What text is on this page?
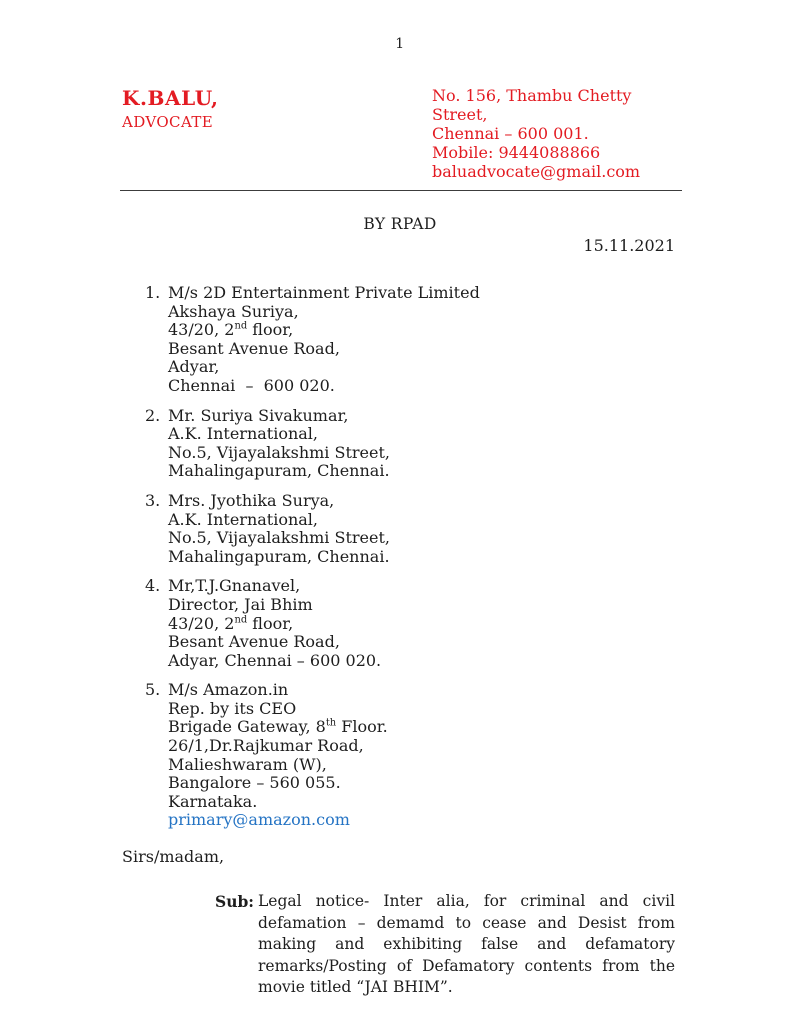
1
K.BALU,
ADVOCATE
No. 156, Thambu Chetty Street,
Chennai – 600 001.
Mobile: 9444088866
baluadvocate@gmail.com
BY RPAD
15.11.2021
1. M/s 2D Entertainment Private Limited
Akshaya Suriya,
43/20, 2nd floor,
Besant Avenue Road,
Adyar,
Chennai  –  600 020.
2. Mr. Suriya Sivakumar,
A.K. International,
No.5, Vijayalakshmi Street,
Mahalingapuram, Chennai.
3. Mrs. Jyothika Surya,
A.K. International,
No.5, Vijayalakshmi Street,
Mahalingapuram, Chennai.
4. Mr,T.J.Gnanavel,
Director, Jai Bhim
43/20, 2nd floor,
Besant Avenue Road,
Adyar, Chennai – 600 020.
5. M/s Amazon.in
Rep. by its CEO
Brigade Gateway, 8th Floor.
26/1,Dr.Rajkumar Road,
Malieshwaram (W),
Bangalore – 560 055.
Karnataka.
primary@amazon.com
Sirs/madam,
Sub: Legal notice- Inter alia, for criminal and civil defamation – demamd to cease and Desist from making and exhibiting false and defamatory remarks/Posting of Defamatory contents from the movie titled “JAI BHIM”.
